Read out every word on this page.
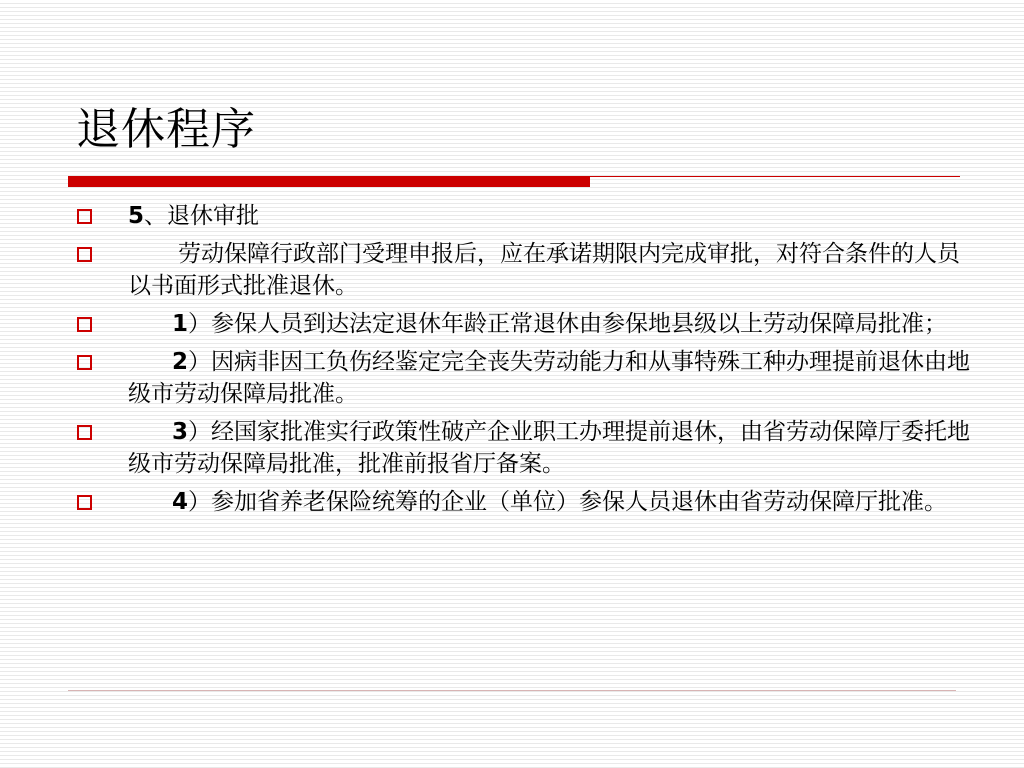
退休程序
5、退休审批
劳动保障行政部门受理申报后，应在承诺期限内完成审批，对符合条件的人员以书面形式批准退休。
1）参保人员到达法定退休年龄正常退休由参保地县级以上劳动保障局批准；
2）因病非因工负伤经鉴定完全丧失劳动能力和从事特殊工种办理提前退休由地级市劳动保障局批准。
3）经国家批准实行政策性破产企业职工办理提前退休，由省劳动保障厅委托地级市劳动保障局批准，批准前报省厅备案。
4）参加省养老保险统筹的企业（单位）参保人员退休由省劳动保障厅批准。
